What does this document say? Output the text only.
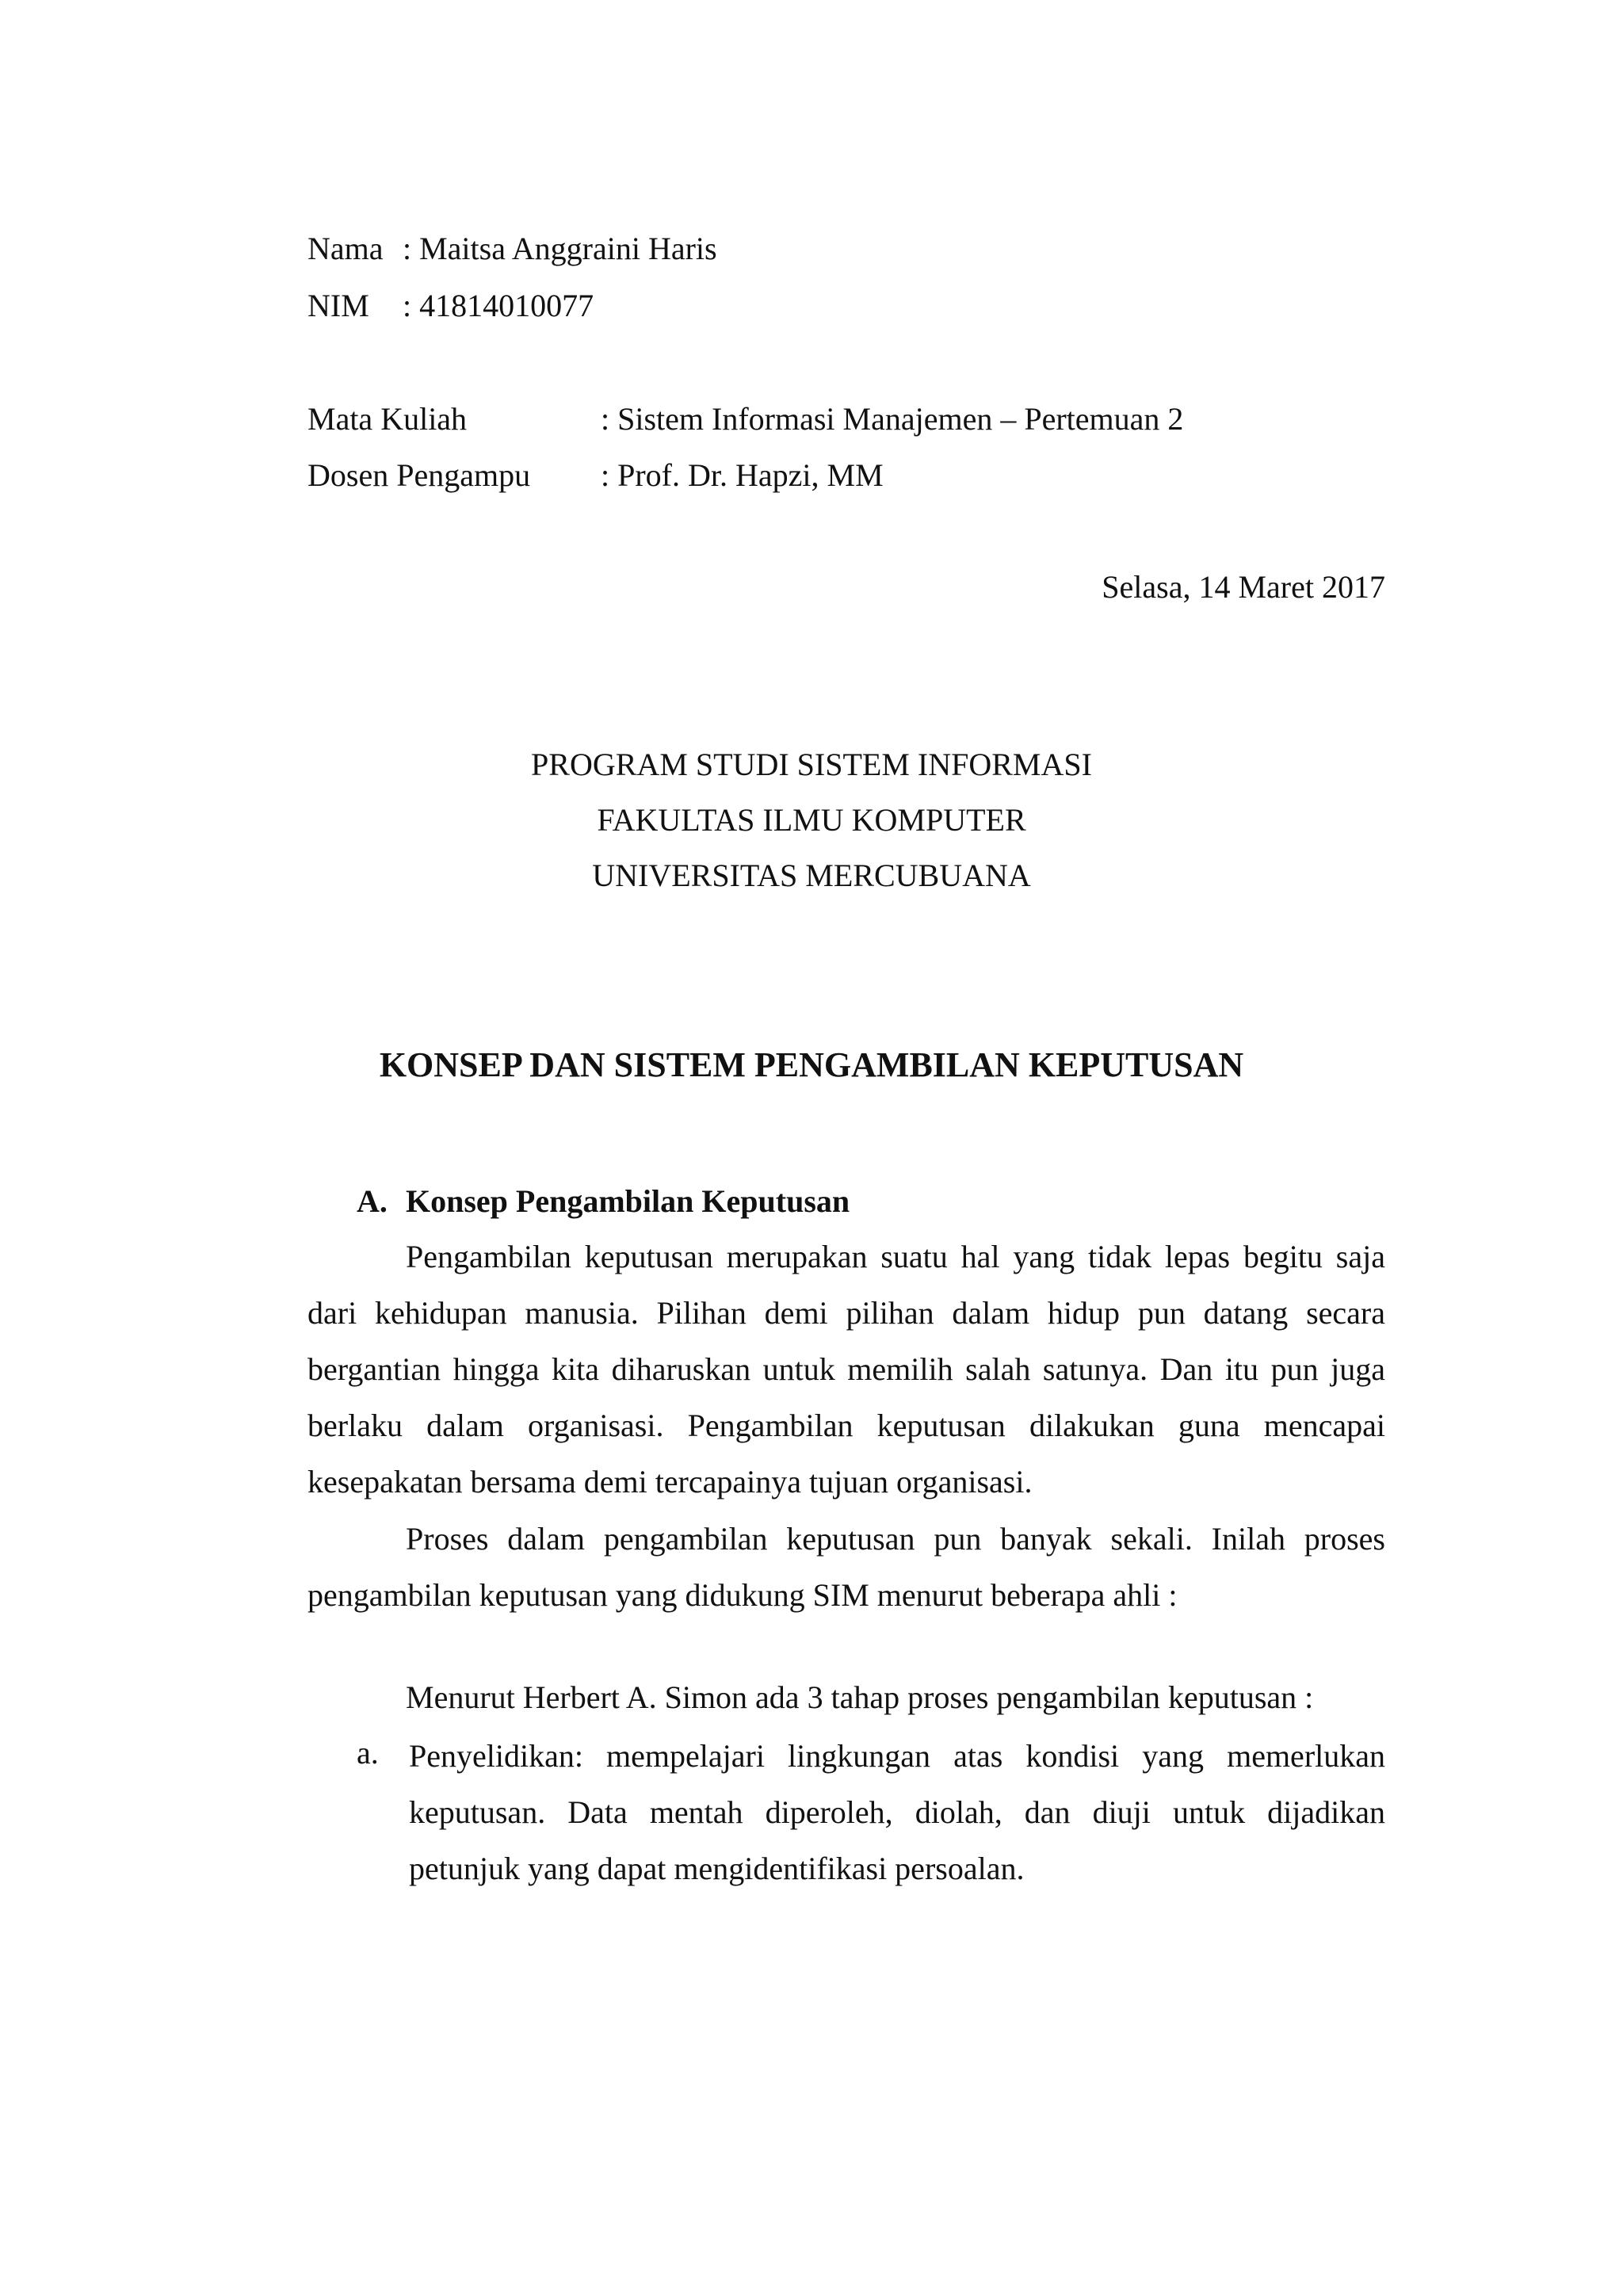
Nama : Maitsa Anggraini Haris
NIM : 41814010077
Mata Kuliah	: Sistem Informasi Manajemen – Pertemuan 2
Dosen Pengampu : Prof. Dr. Hapzi, MM
Selasa, 14 Maret 2017
PROGRAM STUDI SISTEM INFORMASI
FAKULTAS ILMU KOMPUTER
UNIVERSITAS MERCUBUANA
KONSEP DAN SISTEM PENGAMBILAN KEPUTUSAN
A. Konsep Pengambilan Keputusan

Pengambilan keputusan merupakan suatu hal yang tidak lepas begitu saja dari kehidupan manusia. Pilihan demi pilihan dalam hidup pun datang secara bergantian hingga kita diharuskan untuk memilih salah satunya. Dan itu pun juga berlaku dalam organisasi. Pengambilan keputusan dilakukan guna mencapai kesepakatan bersama demi tercapainya tujuan organisasi.

Proses dalam pengambilan keputusan pun banyak sekali. Inilah proses pengambilan keputusan yang didukung SIM menurut beberapa ahli :

Menurut Herbert A. Simon ada 3 tahap proses pengambilan keputusan :
a. Penyelidikan: mempelajari lingkungan atas kondisi yang memerlukan keputusan. Data mentah diperoleh, diolah, dan diuji untuk dijadikan petunjuk yang dapat mengidentifikasi persoalan.
